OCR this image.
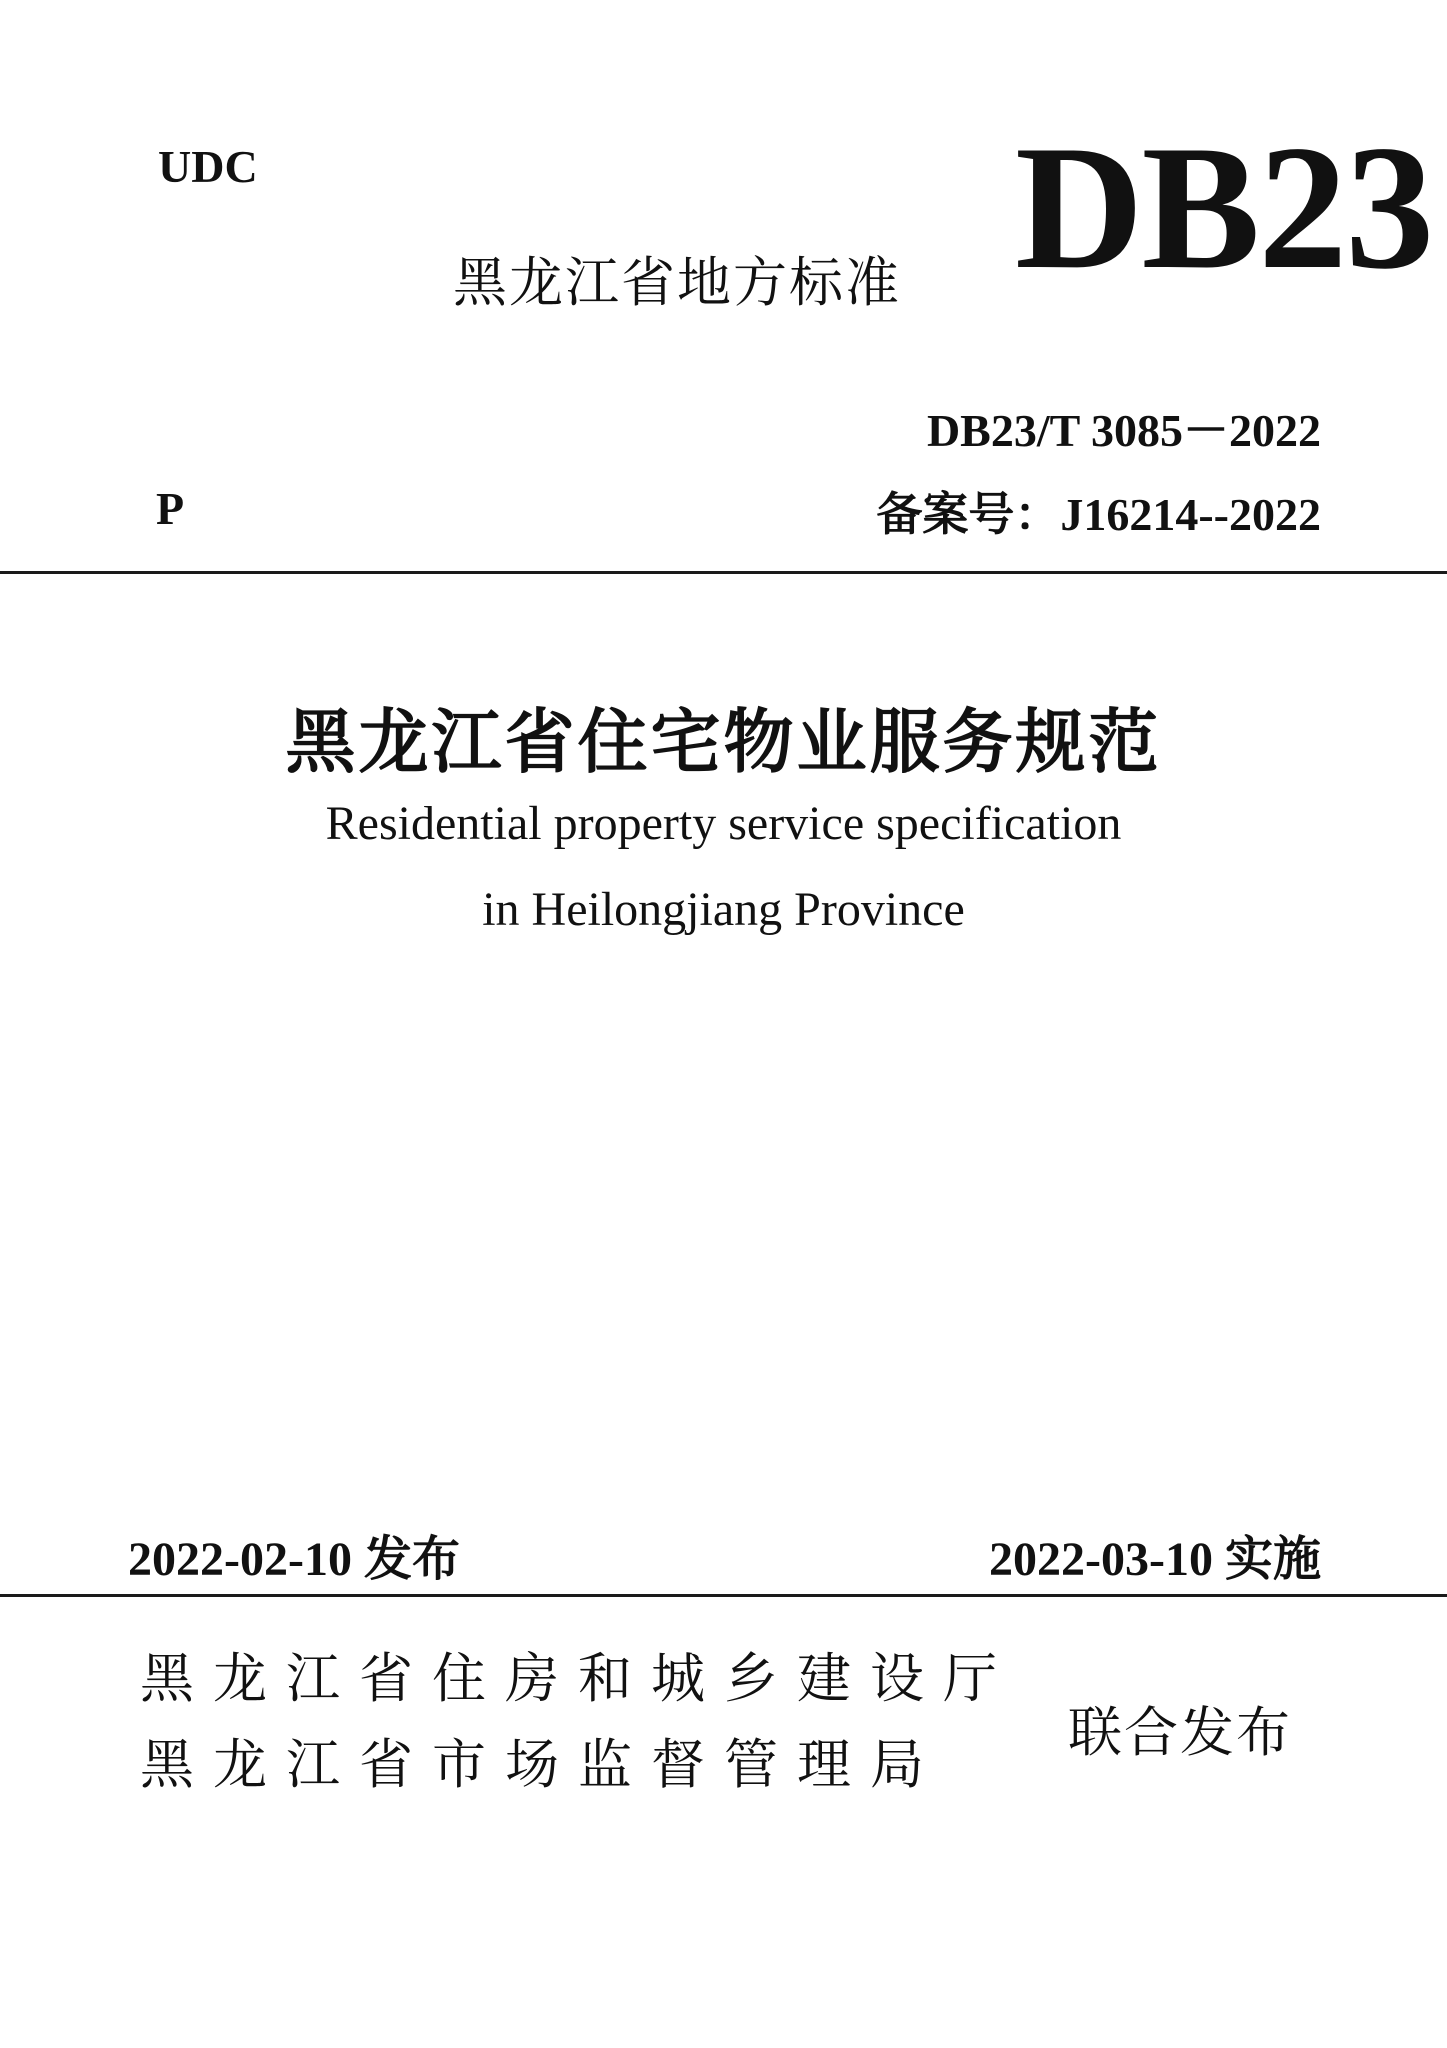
UDC
黑龙江省地方标准 DB23
DB23/T 3085－2022
P	备案号：J16214--2022
黑龙江省住宅物业服务规范
Residential property service specification
in Heilongjiang Province
2022-02-10 发布	2022-03-10 实施
黑龙江省住房和城乡建设厅
黑龙江省市场监督管理局
联合发布
